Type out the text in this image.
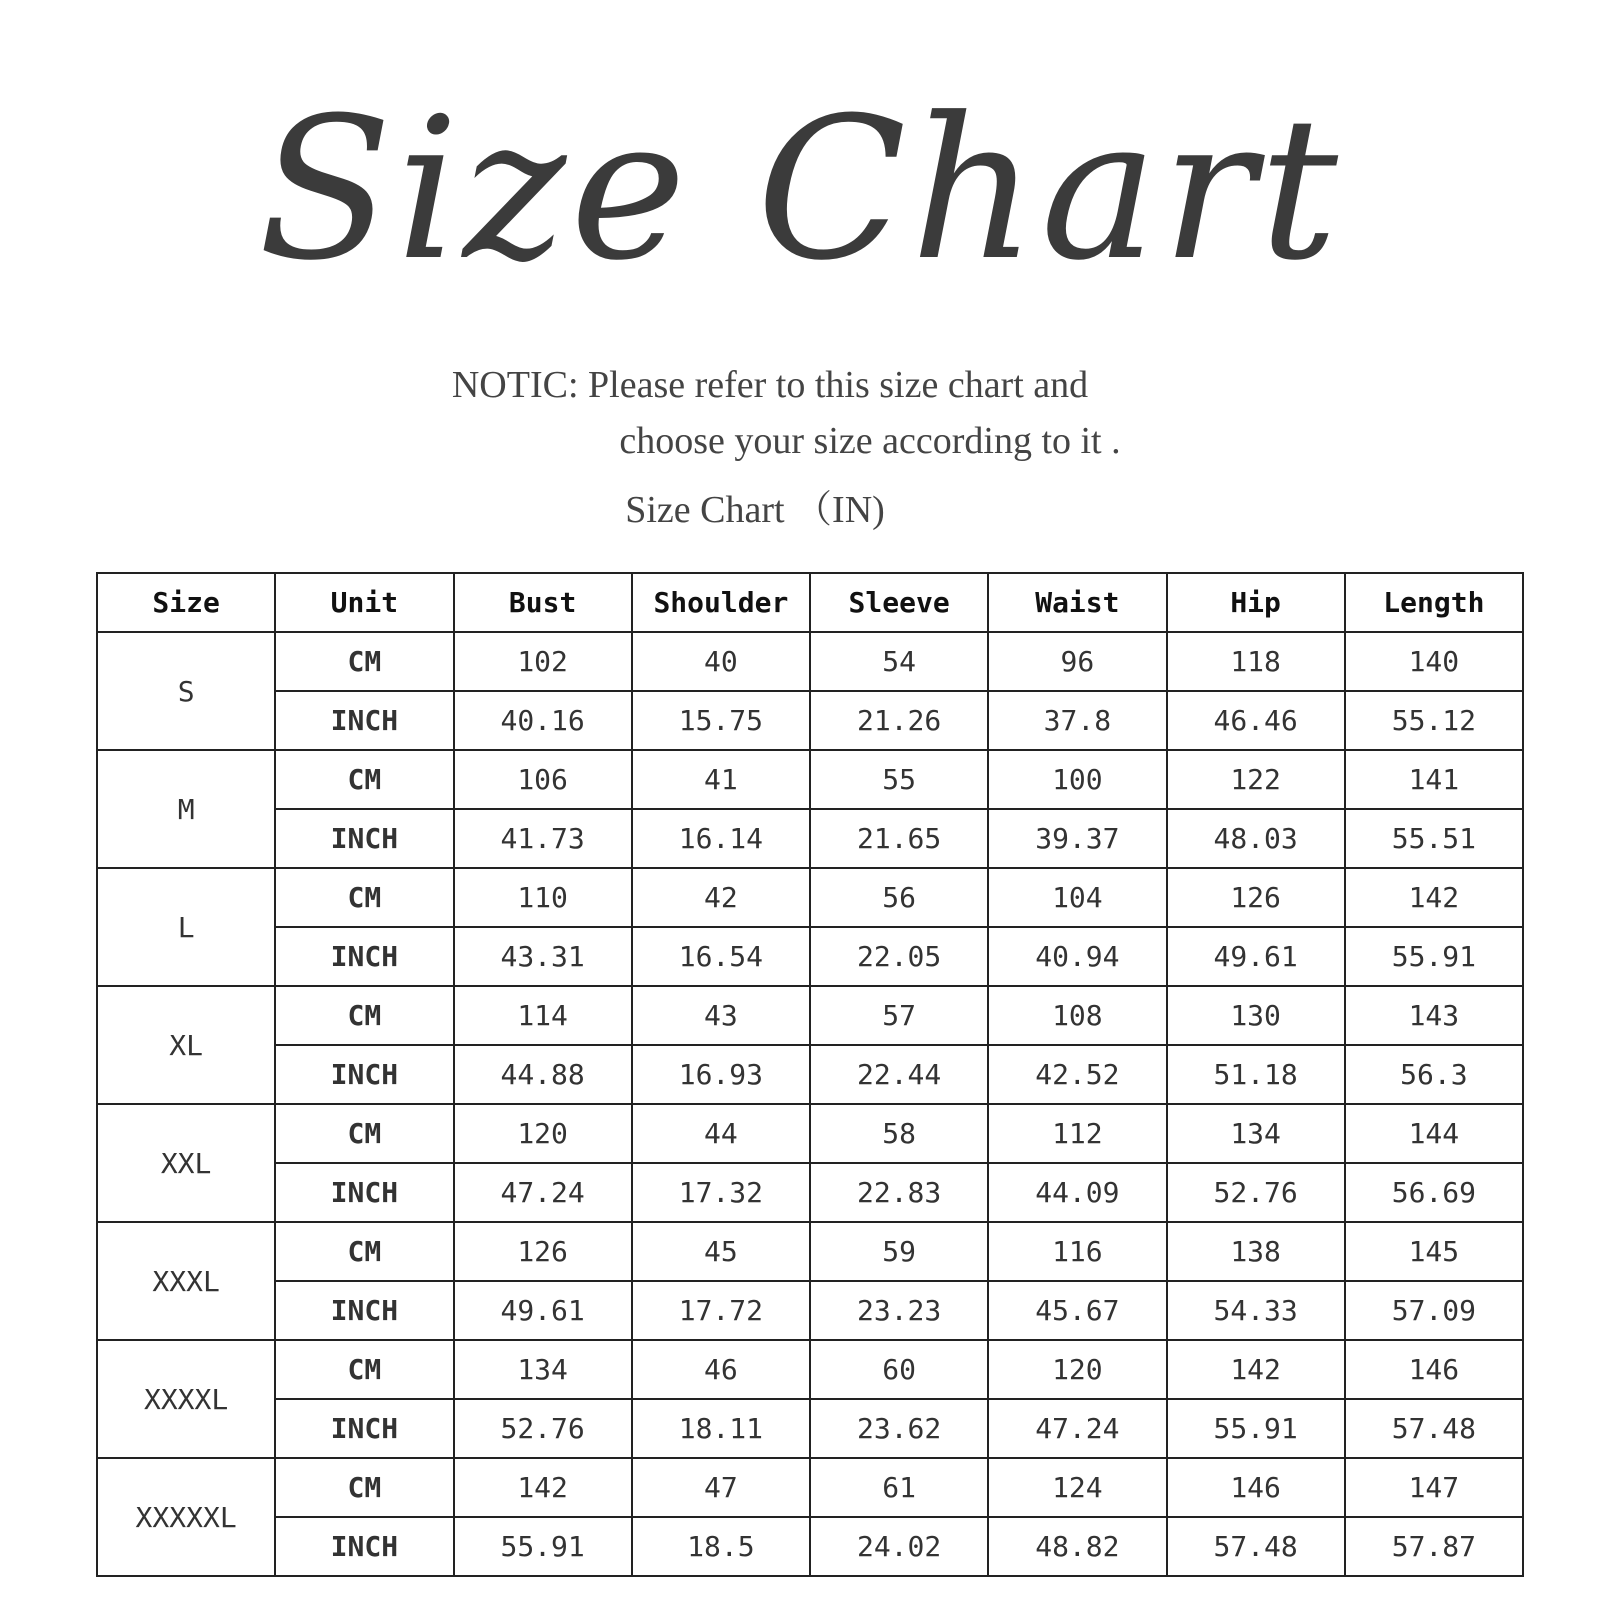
Size Chart
NOTIC: Please refer to this size chart and
choose your size according to it .
Size Chart （IN)
Size	Unit	Bust	Shoulder	Sleeve	Waist	Hip	Length
S	CM	102	40	54	96	118	140
	INCH	40.16	15.75	21.26	37.8	46.46	55.12
M	CM	106	41	55	100	122	141
	INCH	41.73	16.14	21.65	39.37	48.03	55.51
L	CM	110	42	56	104	126	142
	INCH	43.31	16.54	22.05	40.94	49.61	55.91
XL	CM	114	43	57	108	130	143
	INCH	44.88	16.93	22.44	42.52	51.18	56.3
XXL	CM	120	44	58	112	134	144
	INCH	47.24	17.32	22.83	44.09	52.76	56.69
XXXL	CM	126	45	59	116	138	145
	INCH	49.61	17.72	23.23	45.67	54.33	57.09
XXXXL	CM	134	46	60	120	142	146
	INCH	52.76	18.11	23.62	47.24	55.91	57.48
XXXXXL	CM	142	47	61	124	146	147
	INCH	55.91	18.5	24.02	48.82	57.48	57.87
